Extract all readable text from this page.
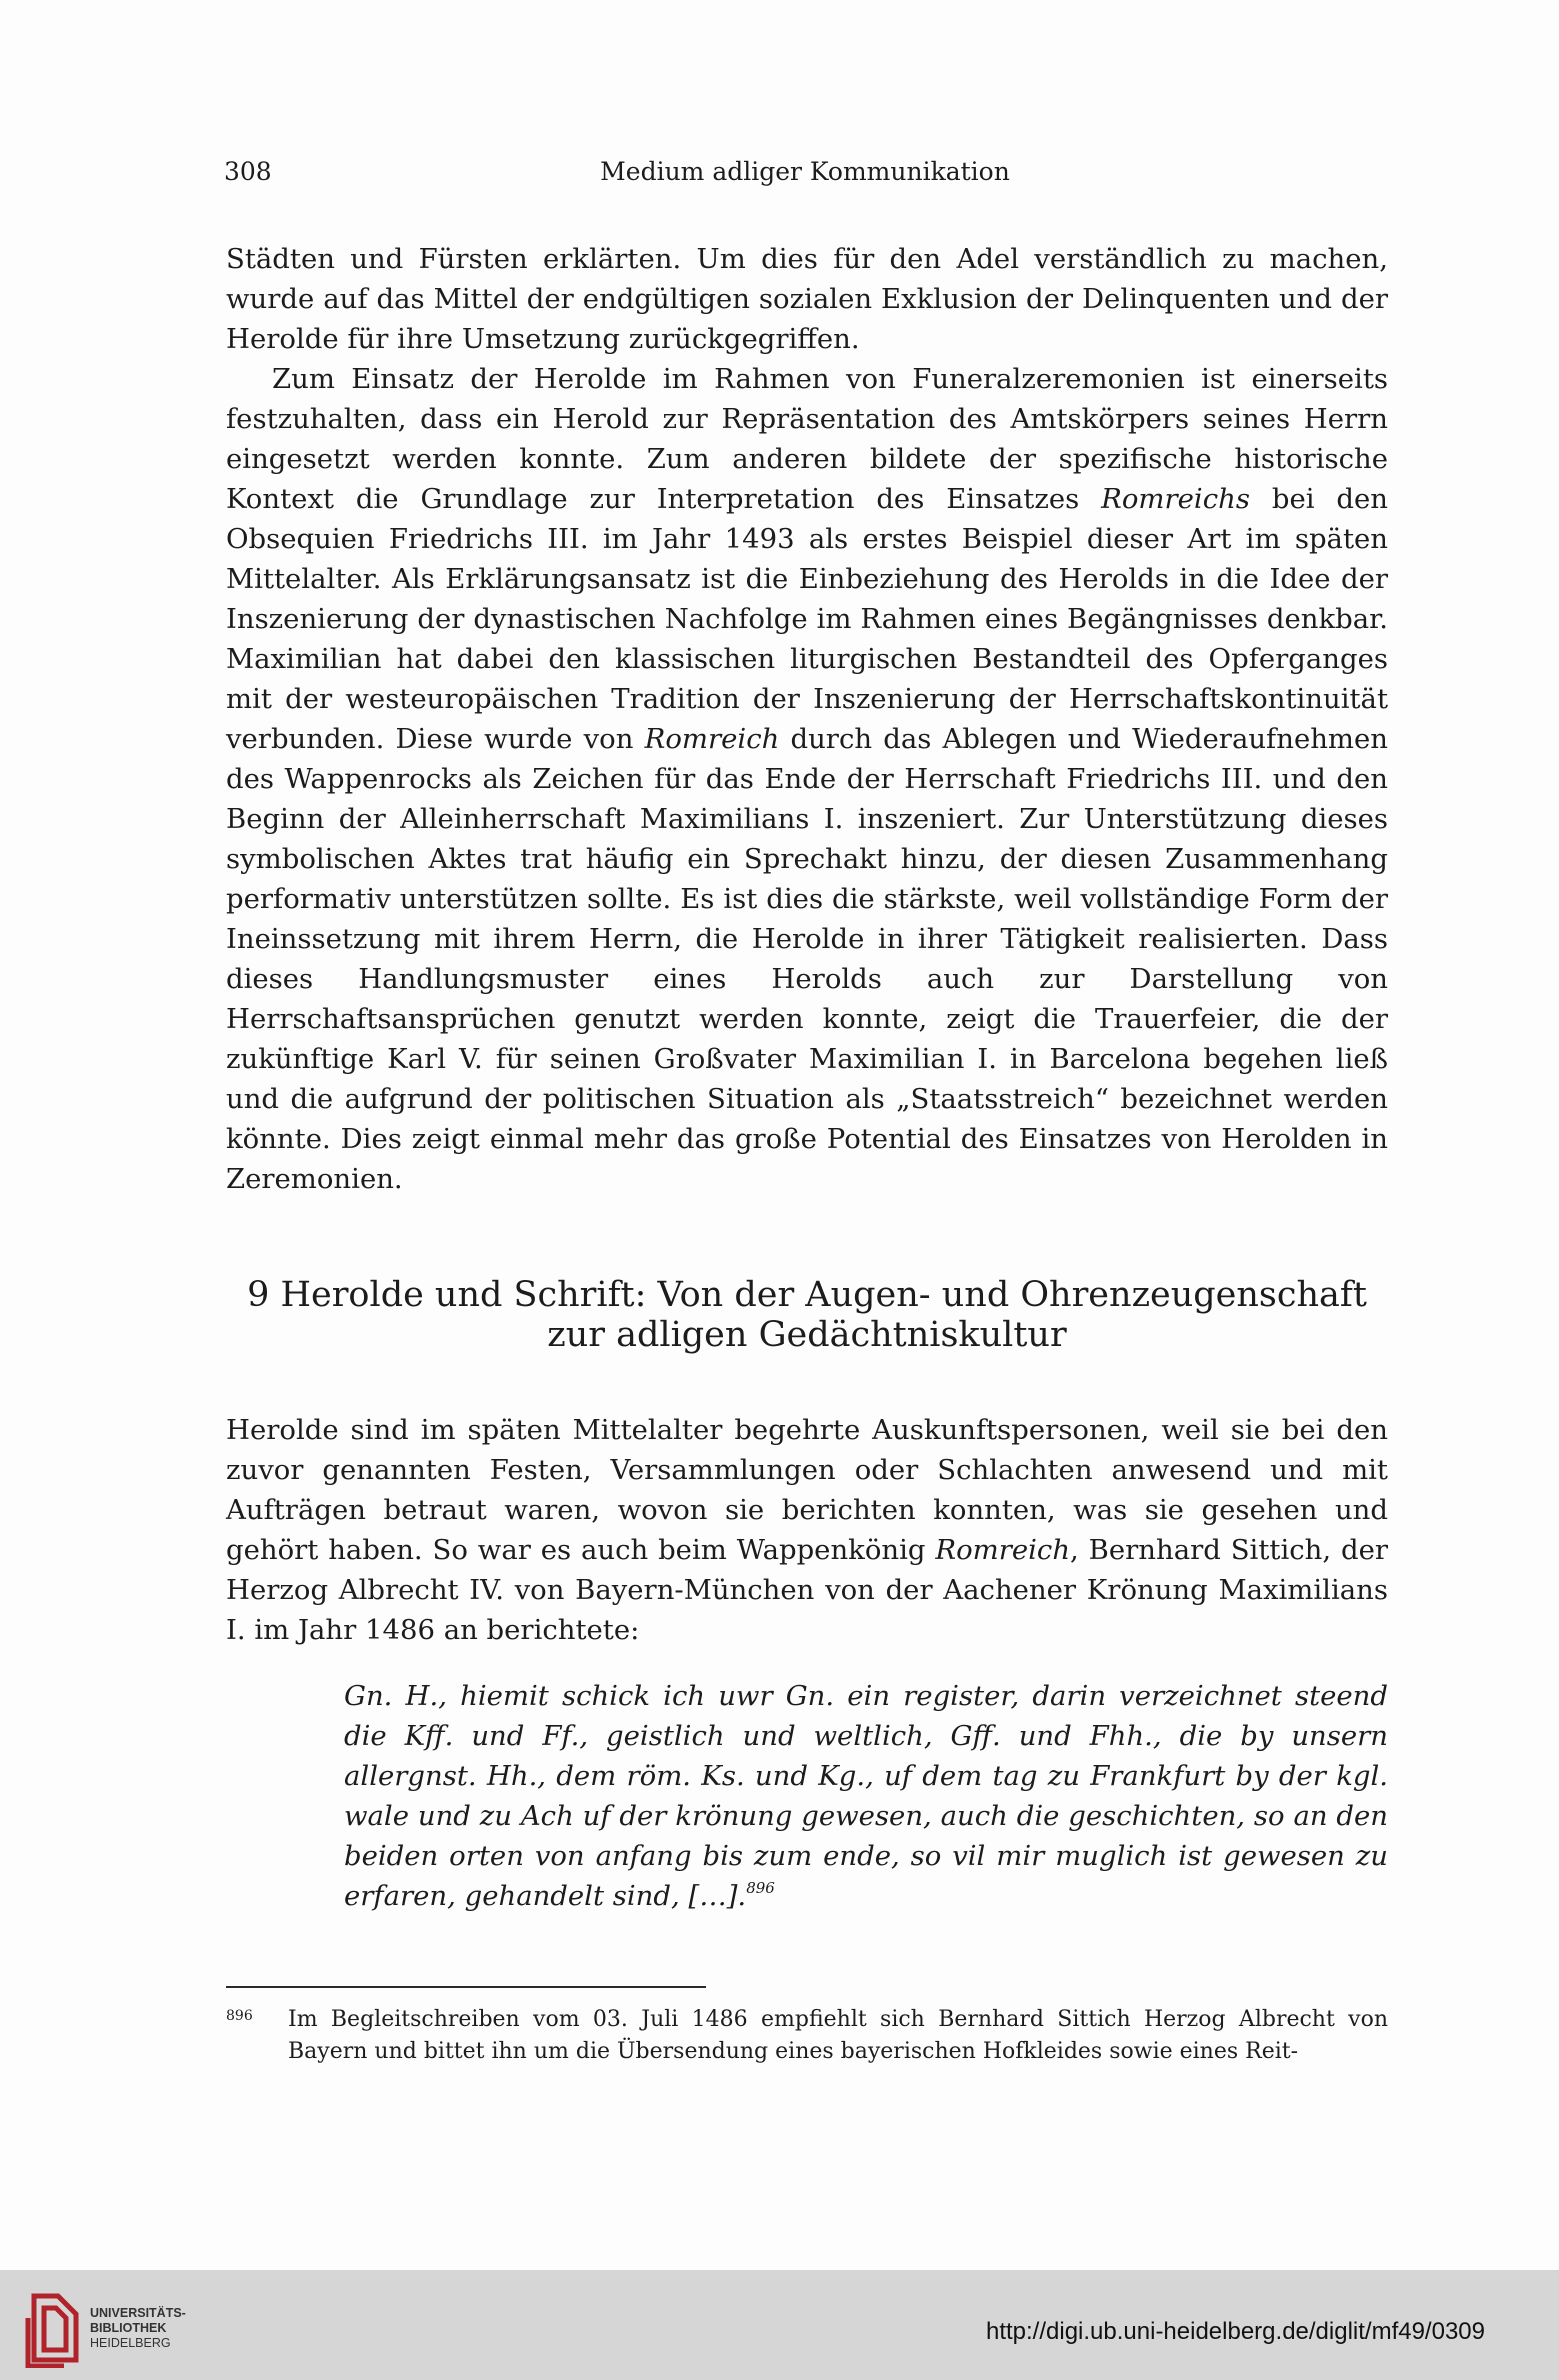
308	Medium adliger Kommunikation

Städten und Fürsten erklärten. Um dies für den Adel verständlich zu machen, wurde auf das Mittel der endgültigen sozialen Exklusion der Delinquenten und der Herolde für ihre Umsetzung zurückgegriffen.

Zum Einsatz der Herolde im Rahmen von Funeralzeremonien ist einerseits festzuhalten, dass ein Herold zur Repräsentation des Amtskörpers seines Herrn eingesetzt werden konnte. Zum anderen bildete der spezifische historische Kontext die Grundlage zur Interpretation des Einsatzes Romreichs bei den Obsequien Friedrichs III. im Jahr 1493 als erstes Beispiel dieser Art im späten Mittelalter. Als Erklärungsansatz ist die Einbeziehung des Herolds in die Idee der Inszenierung der dynastischen Nachfolge im Rahmen eines Begängnisses denkbar. Maximilian hat dabei den klassischen liturgischen Bestandteil des Opferganges mit der westeuropäischen Tradition der Inszenierung der Herrschaftskontinuität verbunden. Diese wurde von Romreich durch das Ablegen und Wiederaufnehmen des Wappenrocks als Zeichen für das Ende der Herrschaft Friedrichs III. und den Beginn der Alleinherrschaft Maximilians I. inszeniert. Zur Unterstützung dieses symbolischen Aktes trat häufig ein Sprechakt hinzu, der diesen Zusammenhang performativ unterstützen sollte. Es ist dies die stärkste, weil vollständige Form der Ineinssetzung mit ihrem Herrn, die Herolde in ihrer Tätigkeit realisierten. Dass dieses Handlungsmuster eines Herolds auch zur Darstellung von Herrschaftsansprüchen genutzt werden konnte, zeigt die Trauerfeier, die der zukünftige Karl V. für seinen Großvater Maximilian I. in Barcelona begehen ließ und die aufgrund der politischen Situation als „Staatsstreich“ bezeichnet werden könnte. Dies zeigt einmal mehr das große Potential des Einsatzes von Herolden in Zeremonien.

9 Herolde und Schrift: Von der Augen- und Ohrenzeugenschaft
zur adligen Gedächtniskultur

Herolde sind im späten Mittelalter begehrte Auskunftspersonen, weil sie bei den zuvor genannten Festen, Versammlungen oder Schlachten anwesend und mit Aufträgen betraut waren, wovon sie berichten konnten, was sie gesehen und gehört haben. So war es auch beim Wappenkönig Romreich, Bernhard Sittich, der Herzog Albrecht IV. von Bayern-München von der Aachener Krönung Maximilians I. im Jahr 1486 an berichtete:

Gn. H., hiemit schick ich uwr Gn. ein register, darin verzeichnet steend die Kff. und Ff., geistlich und weltlich, Gff. und Fhh., die by unsern allergnst. Hh., dem röm. Ks. und Kg., uf dem tag zu Frankfurt by der kgl. wale und zu Ach uf der krönung gewesen, auch die geschichten, so an den beiden orten von anfang bis zum ende, so vil mir muglich ist gewesen zu erfaren, gehandelt sind, […].$^{896}$
896 Im Begleitschreiben vom 03. Juli 1486 empfiehlt sich Bernhard Sittich Herzog Albrecht von Bayern und bittet ihn um die Übersendung eines bayerischen Hofkleides sowie eines Reit-
UNIVERSITÄTS-
BIBLIOTHEK
HEIDELBERG	http://digi.ub.uni-heidelberg.de/diglit/mf49/0309
